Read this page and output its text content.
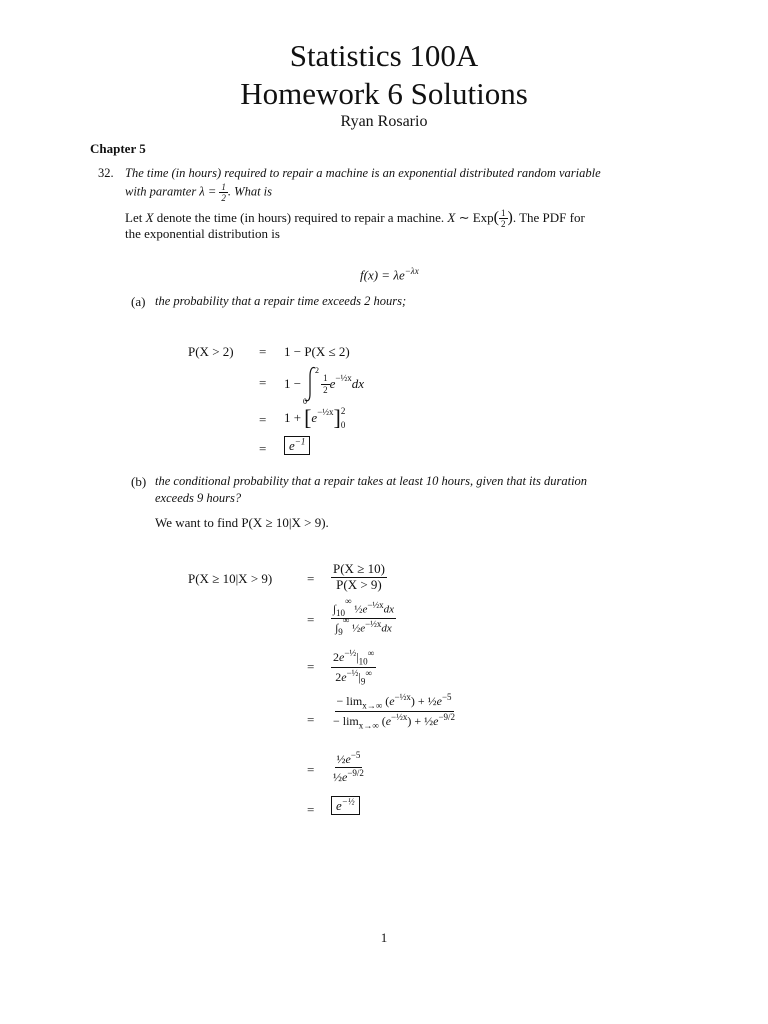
Statistics 100A
Homework 6 Solutions
Ryan Rosario
Chapter 5
32. The time (in hours) required to repair a machine is an exponential distributed random variable
with paramter $\lambda = \frac{1}{2}$ . What is
Let X denote the time (in hours) required to repair a machine. X ∼ $Exp( \frac{1}{2}$ ). The PDF for
the exponential distribution is
$f(x) = \lambda e^{-\lambda x}$
(a) the probability that a repair time exceeds 2 hours;
P(X > 2) = 1 − P(X ≤ 2)
= 1 −
2
0
$\frac{1}{2} e^{-\frac{1}{2}x}$ dx
= 1 + [ $e^{-\frac{1}{2}x}$ ] 2
0
=	$e^{-1}$
(b) the conditional probability that a repair takes at least 10 hours, given that its duration
exceeds 9 hours?
We want to find P(X ≥ 10|X > 9).
P(X ≥ 10|X > 9)	= $\frac{P(X \ge 10)}{P(X > 9)}$
= $\frac{\int_{10}^\infty \frac{1}{2}e^{-\frac{1}{2}x}dx}{\int_9^\infty \frac{1}{2}e^{-\frac{1}{2}x}dx}$
= $\frac{2e^{-\frac{1}{2}}|_{10}^\infty}{2e^{-\frac{1}{2}}|_9^\infty}$
= $\frac{- \lim_{x\to\infty} (e^{-\frac{1}{2}x}) + \frac{1}{2}e^{-5}}{- \lim_{x\to\infty} (e^{-\frac{1}{2}x}) + \frac{1}{2}e^{-9/2}}$
= $\frac{\frac{1}{2}e^{-5}}{\frac{1}{2}e^{-9/2}}$
=	$e^{-\frac{1}{2}}$
1
